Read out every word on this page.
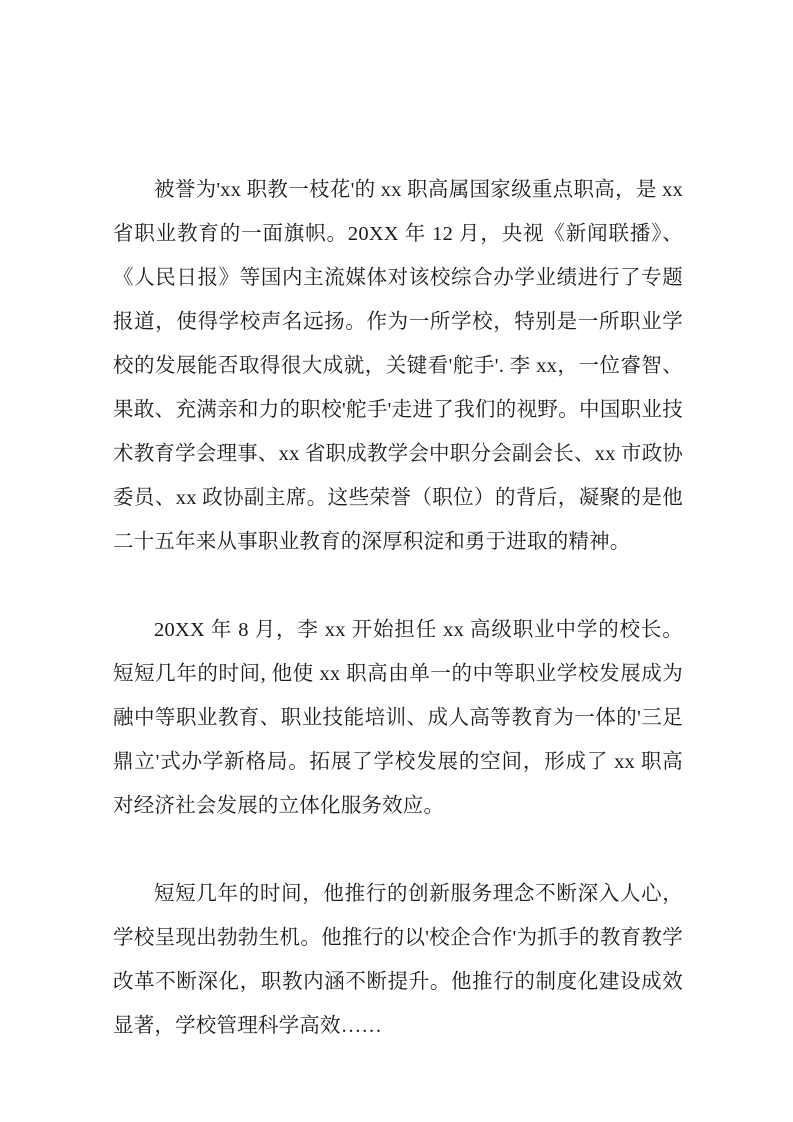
被誉为'xx 职教一枝花'的 xx 职高属国家级重点职高，是 xx 省职业教育的一面旗帜。20XX 年 12 月，央视《新闻联播》、《人民日报》等国内主流媒体对该校综合办学业绩进行了专题报道，使得学校声名远扬。作为一所学校，特别是一所职业学校的发展能否取得很大成就，关键看'舵手'. 李 xx，一位睿智、果敢、充满亲和力的职校'舵手'走进了我们的视野。中国职业技术教育学会理事、xx 省职成教学会中职分会副会长、xx 市政协委员、xx 政协副主席。这些荣誉（职位）的背后，凝聚的是他二十五年来从事职业教育的深厚积淀和勇于进取的精神。

20XX 年 8 月，李 xx 开始担任 xx 高级职业中学的校长。短短几年的时间, 他使 xx 职高由单一的中等职业学校发展成为融中等职业教育、职业技能培训、成人高等教育为一体的'三足鼎立'式办学新格局。拓展了学校发展的空间，形成了 xx 职高对经济社会发展的立体化服务效应。

短短几年的时间，他推行的创新服务理念不断深入人心，学校呈现出勃勃生机。他推行的以'校企合作'为抓手的教育教学改革不断深化，职教内涵不断提升。他推行的制度化建设成效显著，学校管理科学高效……
